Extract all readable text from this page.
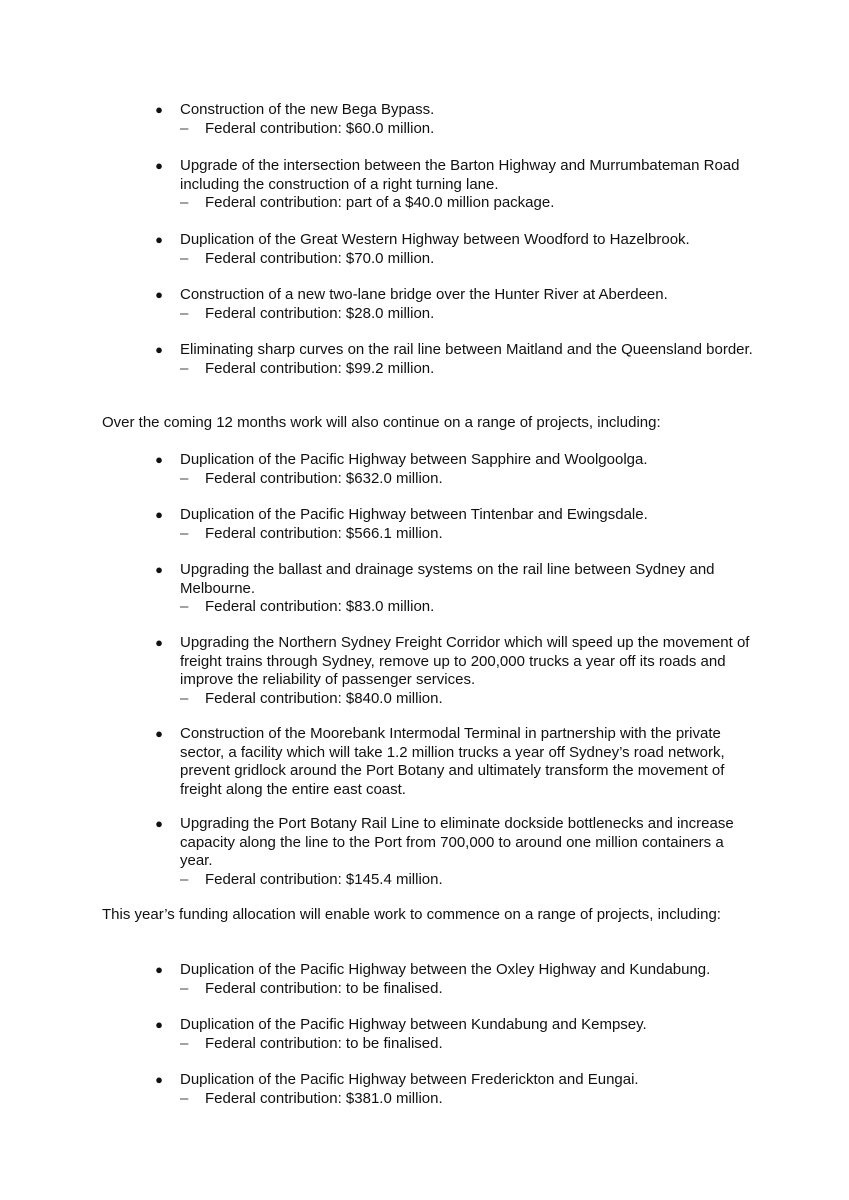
● Construction of the new Bega Bypass.
– Federal contribution: $60.0 million.
● Upgrade of the intersection between the Barton Highway and Murrumbateman Road including the construction of a right turning lane.
– Federal contribution: part of a $40.0 million package.
● Duplication of the Great Western Highway between Woodford to Hazelbrook.
– Federal contribution: $70.0 million.
● Construction of a new two-lane bridge over the Hunter River at Aberdeen.
– Federal contribution: $28.0 million.
● Eliminating sharp curves on the rail line between Maitland and the Queensland border.
– Federal contribution: $99.2 million.
Over the coming 12 months work will also continue on a range of projects, including:
● Duplication of the Pacific Highway between Sapphire and Woolgoolga.
– Federal contribution: $632.0 million.
● Duplication of the Pacific Highway between Tintenbar and Ewingsdale.
– Federal contribution: $566.1 million.
● Upgrading the ballast and drainage systems on the rail line between Sydney and Melbourne.
– Federal contribution: $83.0 million.
● Upgrading the Northern Sydney Freight Corridor which will speed up the movement of freight trains through Sydney, remove up to 200,000 trucks a year off its roads and improve the reliability of passenger services.
– Federal contribution: $840.0 million.
● Construction of the Moorebank Intermodal Terminal in partnership with the private sector, a facility which will take 1.2 million trucks a year off Sydney’s road network, prevent gridlock around the Port Botany and ultimately transform the movement of freight along the entire east coast.
● Upgrading the Port Botany Rail Line to eliminate dockside bottlenecks and increase capacity along the line to the Port from 700,000 to around one million containers a year.
– Federal contribution: $145.4 million.
This year’s funding allocation will enable work to commence on a range of projects, including:
● Duplication of the Pacific Highway between the Oxley Highway and Kundabung.
– Federal contribution: to be finalised.
● Duplication of the Pacific Highway between Kundabung and Kempsey.
– Federal contribution: to be finalised.
● Duplication of the Pacific Highway between Frederickton and Eungai.
– Federal contribution: $381.0 million.
